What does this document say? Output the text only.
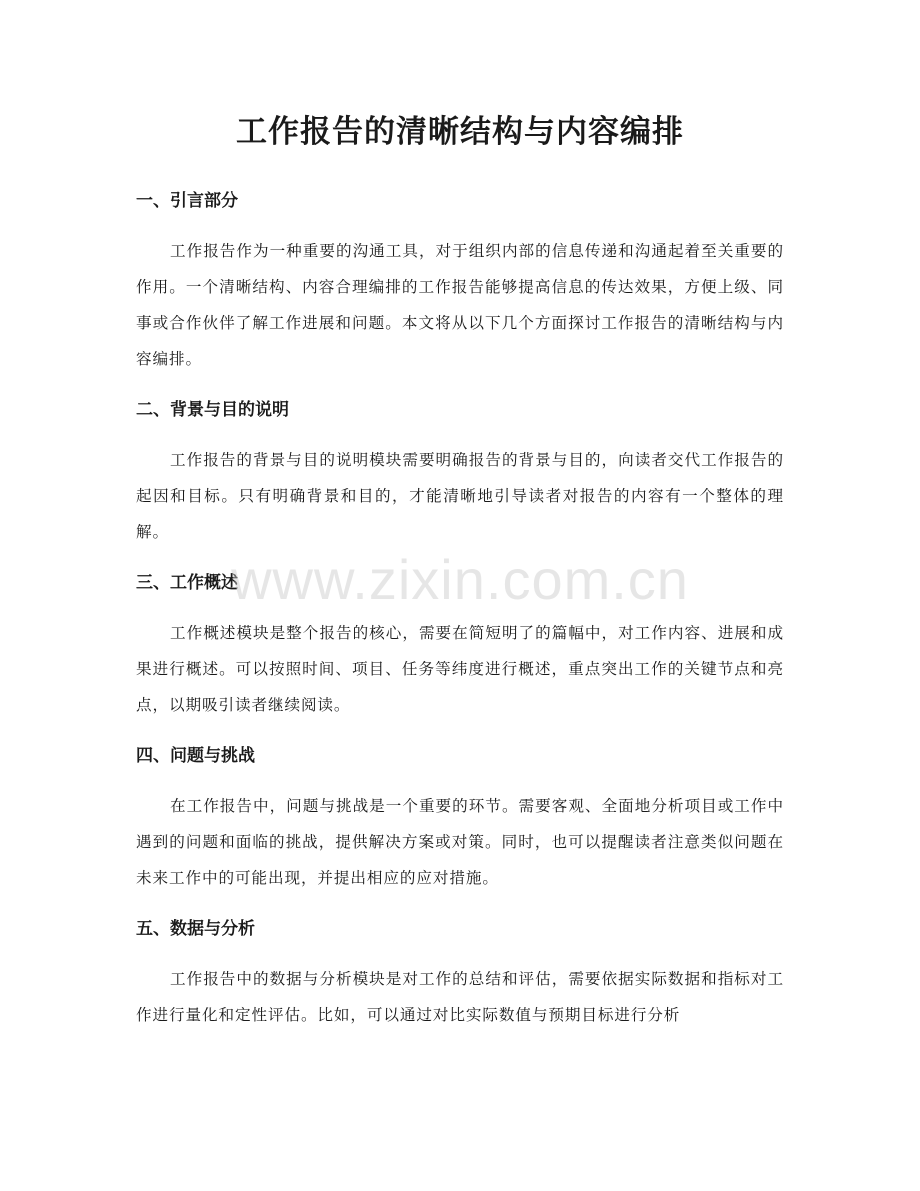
工作报告的清晰结构与内容编排
一、引言部分

工作报告作为一种重要的沟通工具，对于组织内部的信息传递和沟通起着至关重要的作用。一个清晰结构、内容合理编排的工作报告能够提高信息的传达效果，方便上级、同事或合作伙伴了解工作进展和问题。本文将从以下几个方面探讨工作报告的清晰结构与内容编排。

二、背景与目的说明

工作报告的背景与目的说明模块需要明确报告的背景与目的，向读者交代工作报告的起因和目标。只有明确背景和目的，才能清晰地引导读者对报告的内容有一个整体的理解。

三、工作概述

工作概述模块是整个报告的核心，需要在简短明了的篇幅中，对工作内容、进展和成果进行概述。可以按照时间、项目、任务等纬度进行概述，重点突出工作的关键节点和亮点，以期吸引读者继续阅读。

四、问题与挑战

在工作报告中，问题与挑战是一个重要的环节。需要客观、全面地分析项目或工作中遇到的问题和面临的挑战，提供解决方案或对策。同时，也可以提醒读者注意类似问题在未来工作中的可能出现，并提出相应的应对措施。

五、数据与分析

工作报告中的数据与分析模块是对工作的总结和评估，需要依据实际数据和指标对工作进行量化和定性评估。比如，可以通过对比实际数值与预期目标进行分析

www.zixin.com.cn
